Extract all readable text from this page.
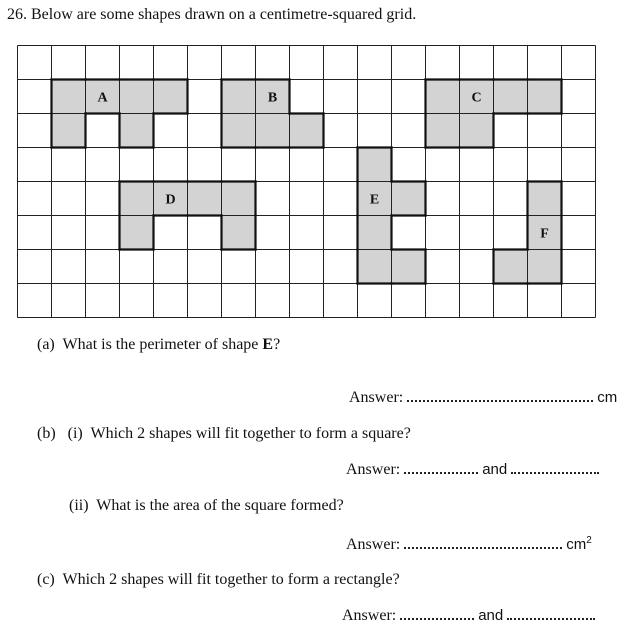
26. Below are some shapes drawn on a centimetre-squared grid.
A	B	C
D	E
F
(a) What is the perimeter of shape E?
Answer:	cm
(b) (i) Which 2 shapes will fit together to form a square?
Answer:	and
(ii) What is the area of the square formed?
Answer:	$cm^2$
(c) Which 2 shapes will fit together to form a rectangle?
Answer:	and
